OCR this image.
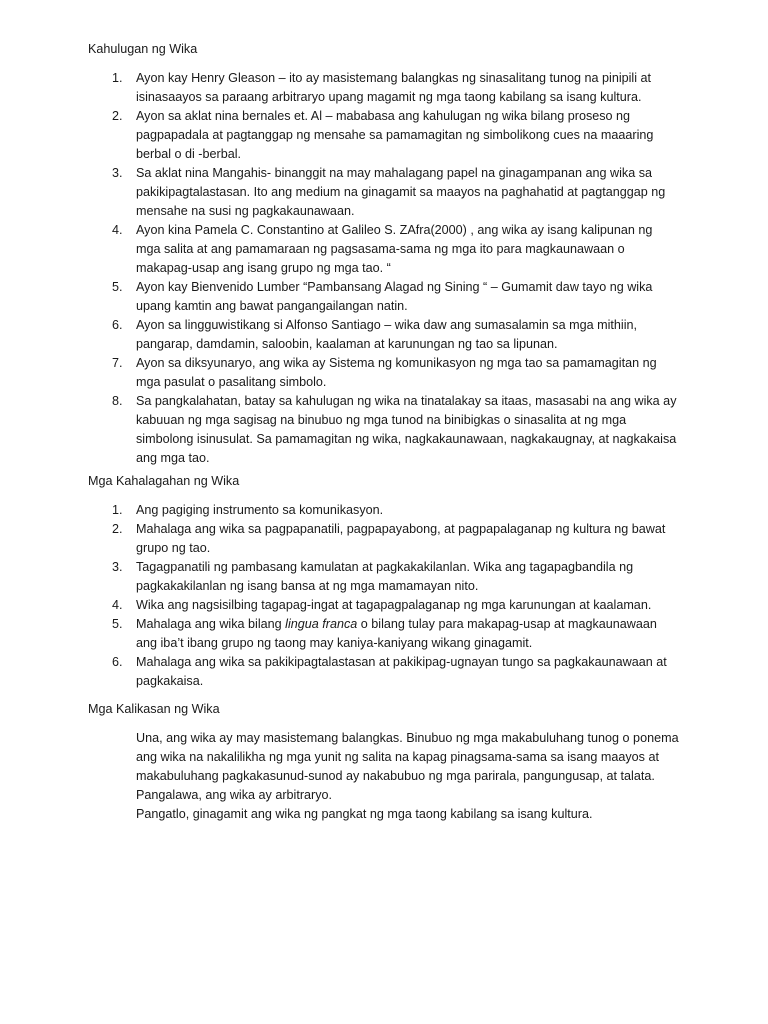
Kahulugan ng Wika
1. Ayon kay Henry Gleason – ito ay masistemang balangkas ng sinasalitang tunog na pinipili at isinasaayos sa paraang arbitraryo upang magamit ng mga taong kabilang sa isang kultura.
2. Ayon sa aklat nina bernales et. Al – mababasa ang kahulugan ng wika bilang proseso ng pagpapadala at pagtanggap ng mensahe sa pamamagitan ng simbolikong cues na maaaring berbal o di -berbal.
3. Sa aklat nina Mangahis- binanggit na may mahalagang papel na ginagampanan ang wika sa pakikipagtalastasan. Ito ang medium na ginagamit sa maayos na paghahatid at pagtanggap ng mensahe na susi ng pagkakaunawaan.
4. Ayon kina Pamela C. Constantino at Galileo S. ZAfra(2000) , ang wika ay isang kalipunan ng mga salita at ang pamamaraan ng pagsasama-sama ng mga ito para magkaunawaan o makapag-usap ang isang grupo ng mga tao. “
5. Ayon kay Bienvenido Lumber “Pambansang Alagad ng Sining “ – Gumamit daw tayo ng wika upang kamtin ang bawat pangangailangan natin.
6. Ayon sa lingguwistikang si Alfonso Santiago – wika daw ang sumasalamin sa mga mithiin, pangarap, damdamin, saloobin, kaalaman at karunungan ng tao sa lipunan.
7. Ayon sa diksyunaryo, ang wika ay Sistema ng komunikasyon ng mga tao sa pamamagitan ng mga pasulat o pasalitang simbolo.
8. Sa pangkalahatan, batay sa kahulugan ng wika na tinatalakay sa itaas, masasabi na ang wika ay kabuuan ng mga sagisag na binubuo ng mga tunod na binibigkas o sinasalita at ng mga simbolong isinusulat. Sa pamamagitan ng wika, nagkakaunawaan, nagkakaugnay, at nagkakaisa ang mga tao.
Mga Kahalagahan ng Wika
1. Ang pagiging instrumento sa komunikasyon.
2. Mahalaga ang wika sa pagpapanatili, pagpapayabong, at pagpapalaganap ng kultura ng bawat grupo ng tao.
3. Tagagpanatili ng pambasang kamulatan at pagkakakilanlan. Wika ang tagapagbandila ng pagkakakilanlan ng isang bansa at ng mga mamamayan nito.
4. Wika ang nagsisilbing tagapag-ingat at tagapagpalaganap ng mga karunungan at kaalaman.
5. Mahalaga ang wika bilang lingua franca o bilang tulay para makapag-usap at magkaunawaan ang iba’t ibang grupo ng taong may kaniya-kaniyang wikang ginagamit.
6. Mahalaga ang wika sa pakikipagtalastasan at pakikipag-ugnayan tungo sa pagkakaunawaan at pagkakaisa.
Mga Kalikasan ng Wika

Una, ang wika ay may masistemang balangkas. Binubuo ng mga makabuluhang tunog o ponema ang wika na nakalilikha ng mga yunit ng salita na kapag pinagsama-sama sa isang maayos at makabuluhang pagkakasunud-sunod ay nakabubuo ng mga parirala, pangungusap, at talata.

Pangalawa, ang wika ay arbitraryo.

Pangatlo, ginagamit ang wika ng pangkat ng mga taong kabilang sa isang kultura.
